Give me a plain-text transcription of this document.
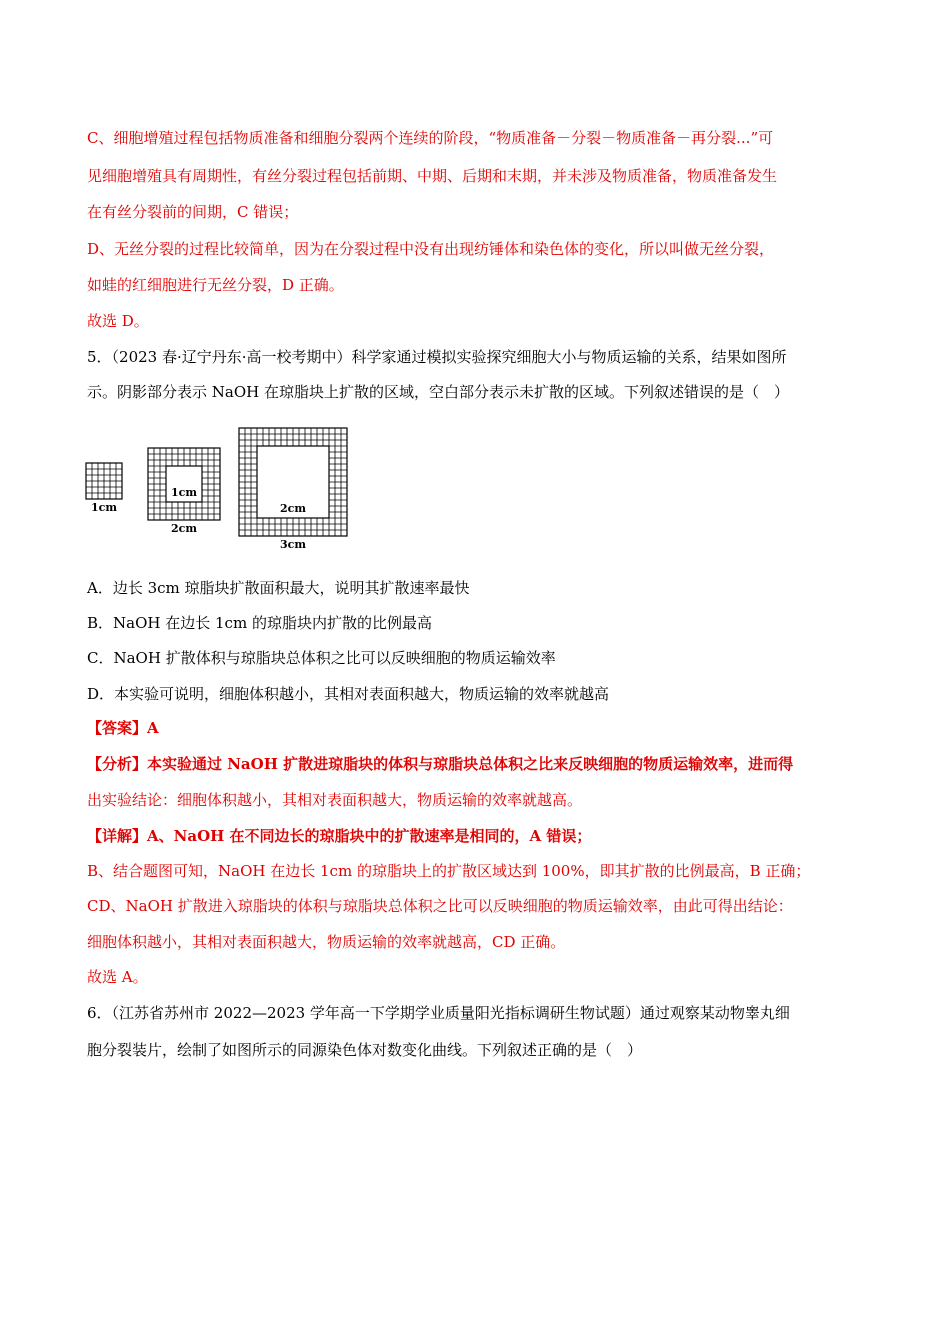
C、细胞增殖过程包括物质准备和细胞分裂两个连续的阶段，“物质准备－分裂－物质准备－再分裂...”可
见细胞增殖具有周期性，有丝分裂过程包括前期、中期、后期和末期，并未涉及物质准备，物质准备发生
在有丝分裂前的间期，C 错误；
D、无丝分裂的过程比较简单，因为在分裂过程中没有出现纺锤体和染色体的变化，所以叫做无丝分裂，
如蛙的红细胞进行无丝分裂，D 正确。
故选 D。
5．（2023 春·辽宁丹东·高一校考期中）科学家通过模拟实验探究细胞大小与物质运输的关系，结果如图所
示。阴影部分表示 NaOH 在琼脂块上扩散的区域，空白部分表示未扩散的区域。下列叙述错误的是（　）
A．边长 3cm 琼脂块扩散面积最大，说明其扩散速率最快
B．NaOH 在边长 1cm 的琼脂块内扩散的比例最高
C．NaOH 扩散体积与琼脂块总体积之比可以反映细胞的物质运输效率
D．本实验可说明，细胞体积越小，其相对表面积越大，物质运输的效率就越高
【答案】A
【分析】本实验通过 NaOH 扩散进琼脂块的体积与琼脂块总体积之比来反映细胞的物质运输效率，进而得
出实验结论：细胞体积越小，其相对表面积越大，物质运输的效率就越高。
【详解】A、NaOH 在不同边长的琼脂块中的扩散速率是相同的，A 错误；
B、结合题图可知，NaOH 在边长 1cm 的琼脂块上的扩散区域达到 100%，即其扩散的比例最高，B 正确；
CD、NaOH 扩散进入琼脂块的体积与琼脂块总体积之比可以反映细胞的物质运输效率，由此可得出结论：
细胞体积越小，其相对表面积越大，物质运输的效率就越高，CD 正确。
故选 A。
6．（江苏省苏州市 2022—2023 学年高一下学期学业质量阳光指标调研生物试题）通过观察某动物睾丸细
胞分裂装片，绘制了如图所示的同源染色体对数变化曲线。下列叙述正确的是（　）
1cm
1cm
2cm
2cm
3cm
